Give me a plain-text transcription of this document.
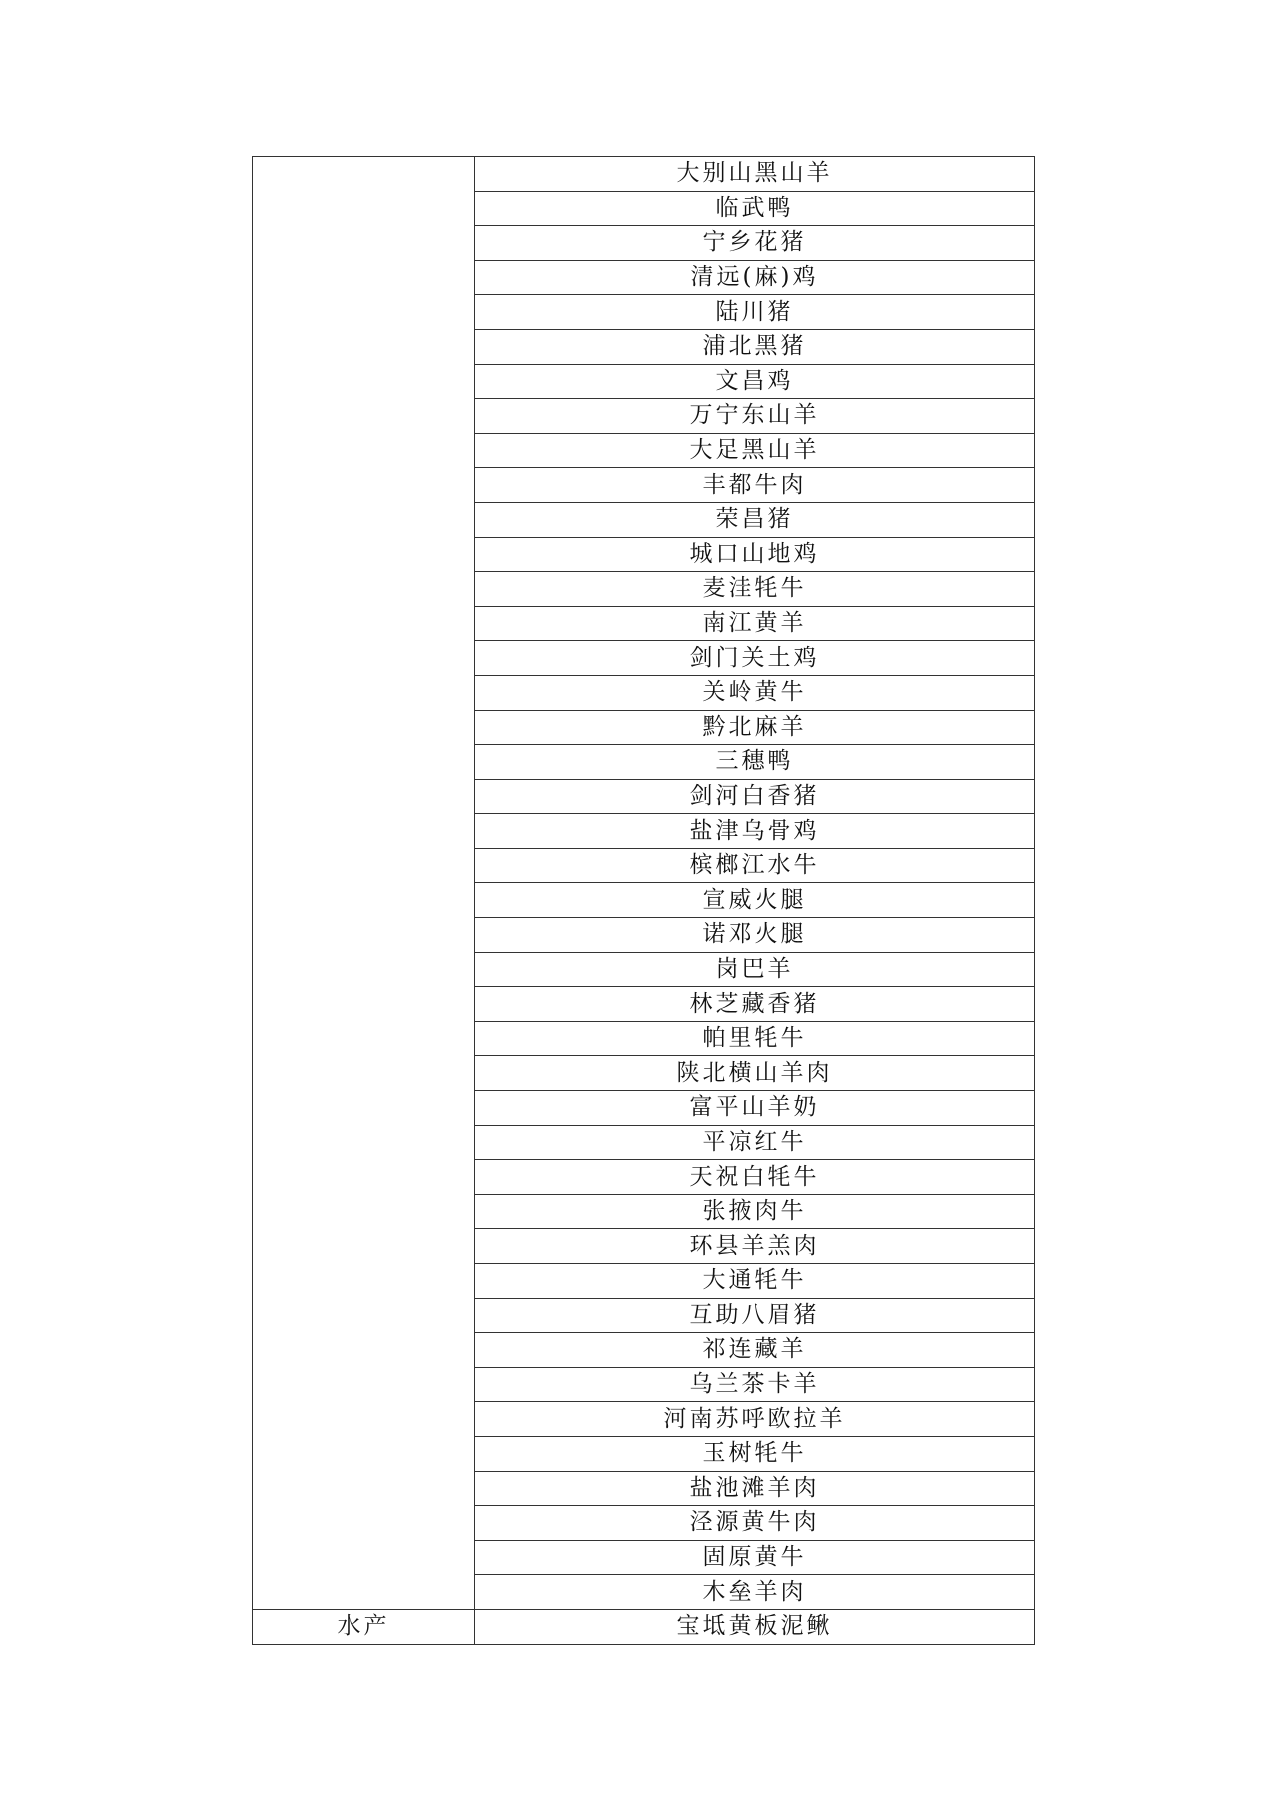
	大别山黑山羊
	临武鸭
	宁乡花猪
	清远(麻)鸡
	陆川猪
	浦北黑猪
	文昌鸡
	万宁东山羊
	大足黑山羊
	丰都牛肉
	荣昌猪
	城口山地鸡
	麦洼牦牛
	南江黄羊
	剑门关土鸡
	关岭黄牛
	黔北麻羊
	三穗鸭
	剑河白香猪
	盐津乌骨鸡
	槟榔江水牛
	宣威火腿
	诺邓火腿
	岗巴羊
	林芝藏香猪
	帕里牦牛
	陕北横山羊肉
	富平山羊奶
	平凉红牛
	天祝白牦牛
	张掖肉牛
	环县羊羔肉
	大通牦牛
	互助八眉猪
	祁连藏羊
	乌兰茶卡羊
	河南苏呼欧拉羊
	玉树牦牛
	盐池滩羊肉
	泾源黄牛肉
	固原黄牛
	木垒羊肉
水产	宝坻黄板泥鳅
